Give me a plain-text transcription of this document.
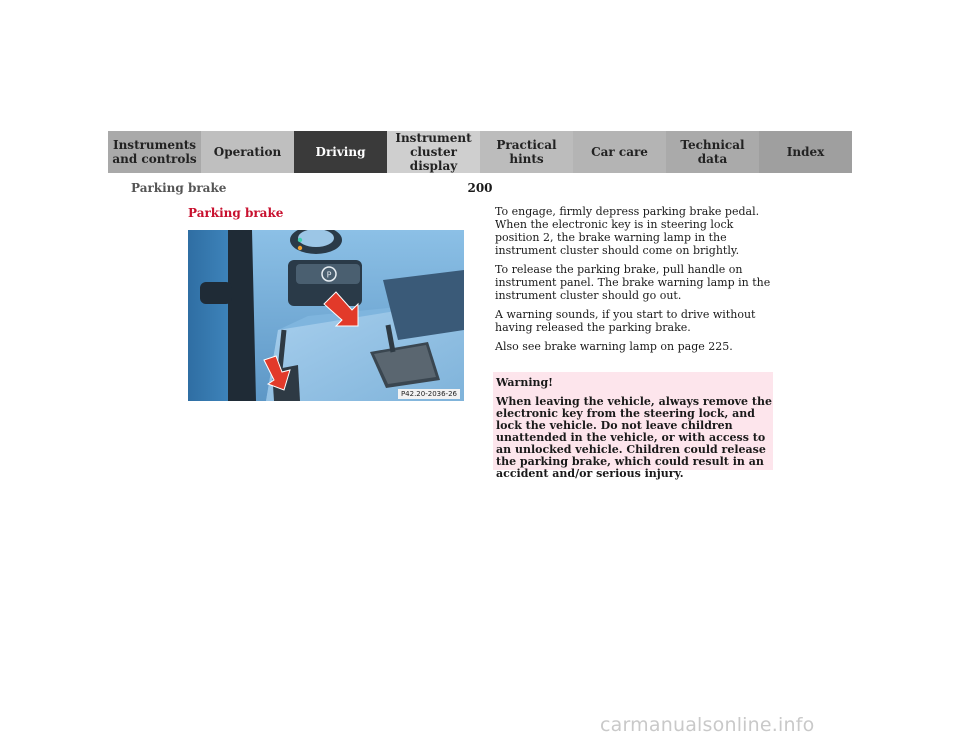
Instruments
and controls	Operation	Driving
Instrument
cluster display
Practical hints	Car care	Technical
data	Index
Parking brake	200
Parking brake
P
P42.20-2036-26

To engage, firmly depress parking brake pedal. When the electronic key is in steering lock position 2, the brake warning lamp in the instrument cluster should come on brightly.

To release the parking brake, pull handle on instrument panel. The brake warning lamp in the instrument cluster should go out.

A warning sounds, if you start to drive without having released the parking brake.

Also see brake warning lamp on page 225.

Warning!
When leaving the vehicle, always remove the electronic key from the steering lock, and lock the vehicle. Do not leave children unattended in the vehicle, or with access to an unlocked vehicle. Children could release the parking brake, which could result in an accident and/or serious injury.
carmanualsonline.info
